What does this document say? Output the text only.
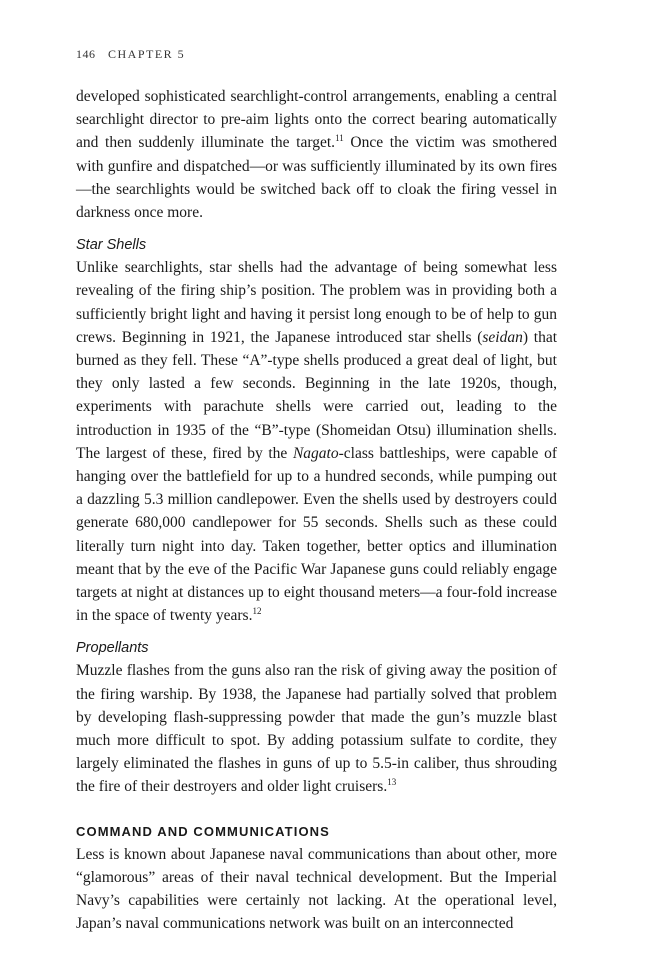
146 CHAPTER 5

developed sophisticated searchlight-control arrangements, enabling a central searchlight director to pre-aim lights onto the correct bearing automatically and then suddenly illuminate the target.$^{11}$ Once the victim was smothered with gunfire and dispatched—or was sufficiently illuminated by its own fires—the searchlights would be switched back off to cloak the firing vessel in darkness once more.

Star Shells

Unlike searchlights, star shells had the advantage of being somewhat less revealing of the firing ship’s position. The problem was in providing both a sufficiently bright light and having it persist long enough to be of help to gun crews. Beginning in 1921, the Japanese introduced star shells (seidan) that burned as they fell. These “A”-type shells produced a great deal of light, but they only lasted a few seconds. Beginning in the late 1920s, though, experiments with parachute shells were carried out, leading to the introduction in 1935 of the “B”-type (Shomeidan Otsu) illumination shells. The largest of these, fired by the Nagato-class battleships, were capable of hanging over the battlefield for up to a hundred seconds, while pumping out a dazzling 5.3 million candlepower. Even the shells used by destroyers could generate 680,000 candlepower for 55 seconds. Shells such as these could literally turn night into day. Taken together, better optics and illumination meant that by the eve of the Pacific War Japanese guns could reliably engage targets at night at distances up to eight thousand meters—a four-fold increase in the space of twenty years.$^{12}$

Propellants

Muzzle flashes from the guns also ran the risk of giving away the position of the firing warship. By 1938, the Japanese had partially solved that problem by developing flash-suppressing powder that made the gun’s muzzle blast much more difficult to spot. By adding potassium sulfate to cordite, they largely eliminated the flashes in guns of up to 5.5-in caliber, thus shrouding the fire of their destroyers and older light cruisers.$^{13}$

COMMAND AND COMMUNICATIONS

Less is known about Japanese naval communications than about other, more “glamorous” areas of their naval technical development. But the Imperial Navy’s capabilities were certainly not lacking. At the operational level, Japan’s naval communications network was built on an interconnected
